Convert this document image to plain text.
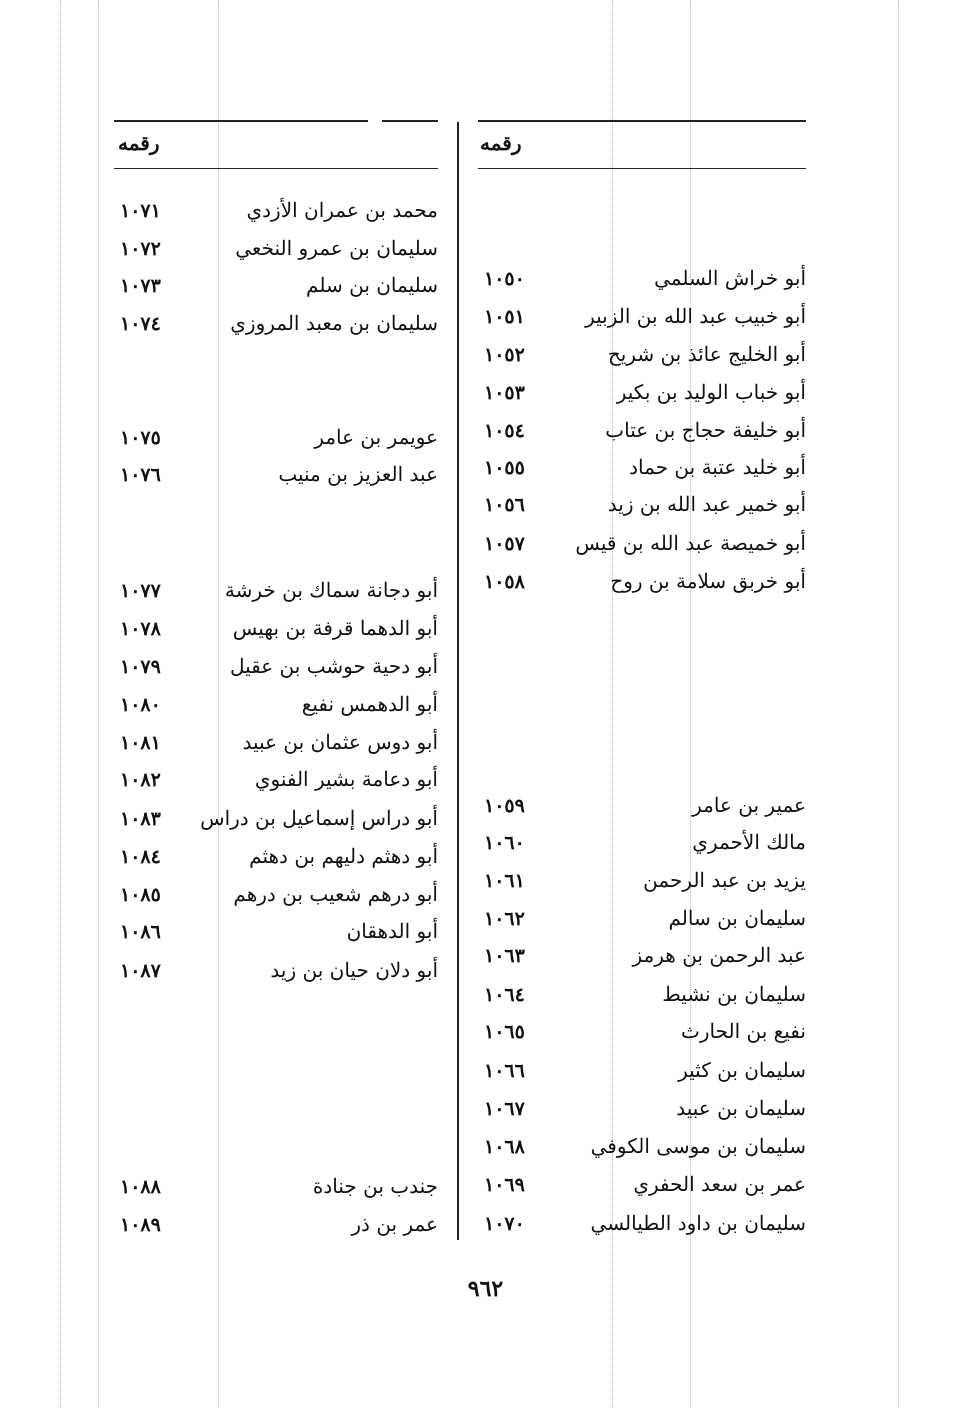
رقمه
رقمه
أبو خراش السلمي
١٠٥٠
أبو خبيب عبد الله بن الزبير
١٠٥١
أبو الخليج عائذ بن شريح
١٠٥٢
أبو خباب الوليد بن بكير
١٠٥٣
أبو خليفة حجاج بن عتاب
١٠٥٤
أبو خليد عتبة بن حماد
١٠٥٥
أبو خمير عبد الله بن زيد
١٠٥٦
أبو خميصة عبد الله بن قيس
١٠٥٧
أبو خربق سلامة بن روح
١٠٥٨
عمير بن عامر
١٠٥٩
مالك الأحمري
١٠٦٠
يزيد بن عبد الرحمن
١٠٦١
سليمان بن سالم
١٠٦٢
عبد الرحمن بن هرمز
١٠٦٣
سليمان بن نشيط
١٠٦٤
نفيع بن الحارث
١٠٦٥
سليمان بن كثير
١٠٦٦
سليمان بن عبيد
١٠٦٧
سليمان بن موسى الكوفي
١٠٦٨
عمر بن سعد الحفري
١٠٦٩
سليمان بن داود الطيالسي
١٠٧٠
محمد بن عمران الأزدي
١٠٧١
سليمان بن عمرو النخعي
١٠٧٢
سليمان بن سلم
١٠٧٣
سليمان بن معبد المروزي
١٠٧٤
عويمر بن عامر
١٠٧٥
عبد العزيز بن منيب
١٠٧٦
أبو دجانة سماك بن خرشة
١٠٧٧
أبو الدهما قرفة بن بهيس
١٠٧٨
أبو دحية حوشب بن عقيل
١٠٧٩
أبو الدهمس نفيع
١٠٨٠
أبو دوس عثمان بن عبيد
١٠٨١
أبو دعامة بشير الفنوي
١٠٨٢
أبو دراس إسماعيل بن دراس
١٠٨٣
أبو دهثم دليهم بن دهثم
١٠٨٤
أبو درهم شعيب بن درهم
١٠٨٥
أبو الدهقان
١٠٨٦
أبو دلان حيان بن زيد
١٠٨٧
جندب بن جنادة
١٠٨٨
عمر بن ذر
١٠٨٩
٩٦٢
